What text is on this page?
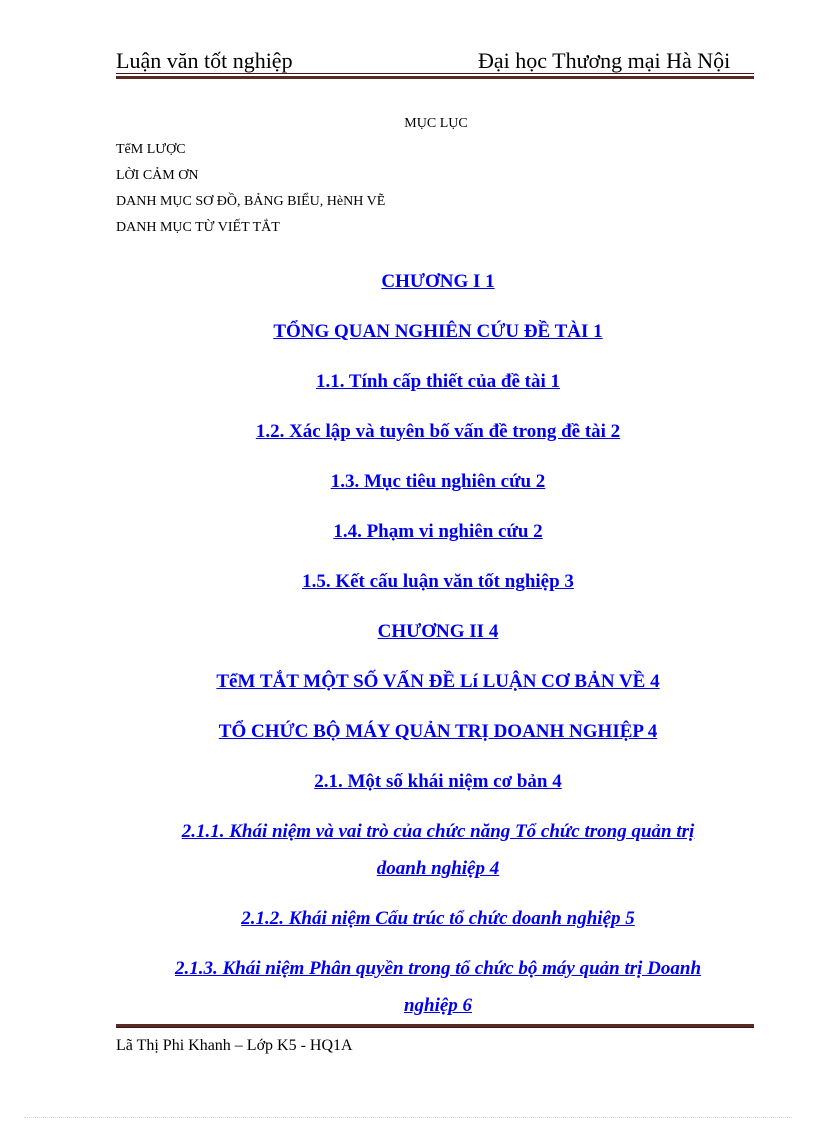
Luận văn tốt nghiệp	Đại học Thương mại Hà Nội
MỤC LỤC
TểM LƯỢC
LỜI CẢM ƠN
DANH MỤC SƠ ĐỒ, BẢNG BIỂU, HèNH VẼ
DANH MỤC TỪ VIẾT TẮT
CHƯƠNG I 1
TỔNG QUAN NGHIÊN CỨU ĐỀ TÀI 1
1.1. Tính cấp thiết của đề tài 1
1.2. Xác lập và tuyên bố vấn đề trong đề tài 2
1.3. Mục tiêu nghiên cứu 2
1.4. Phạm vi nghiên cứu 2
1.5. Kết cấu luận văn tốt nghiệp 3
CHƯƠNG II 4
TểM TẮT MỘT SỐ VẤN ĐỀ Lí LUẬN CƠ BẢN VỀ 4
TỔ CHỨC BỘ MÁY QUẢN TRỊ DOANH NGHIỆP 4
2.1. Một số khái niệm cơ bản 4
2.1.1. Khái niệm và vai trò của chức năng Tổ chức trong quản trị
doanh nghiệp 4
2.1.2. Khái niệm Cấu trúc tổ chức doanh nghiệp 5
2.1.3. Khái niệm Phân quyền trong tổ chức bộ máy quản trị Doanh
nghiệp 6
Lã Thị Phi Khanh – Lớp K5 - HQ1A
